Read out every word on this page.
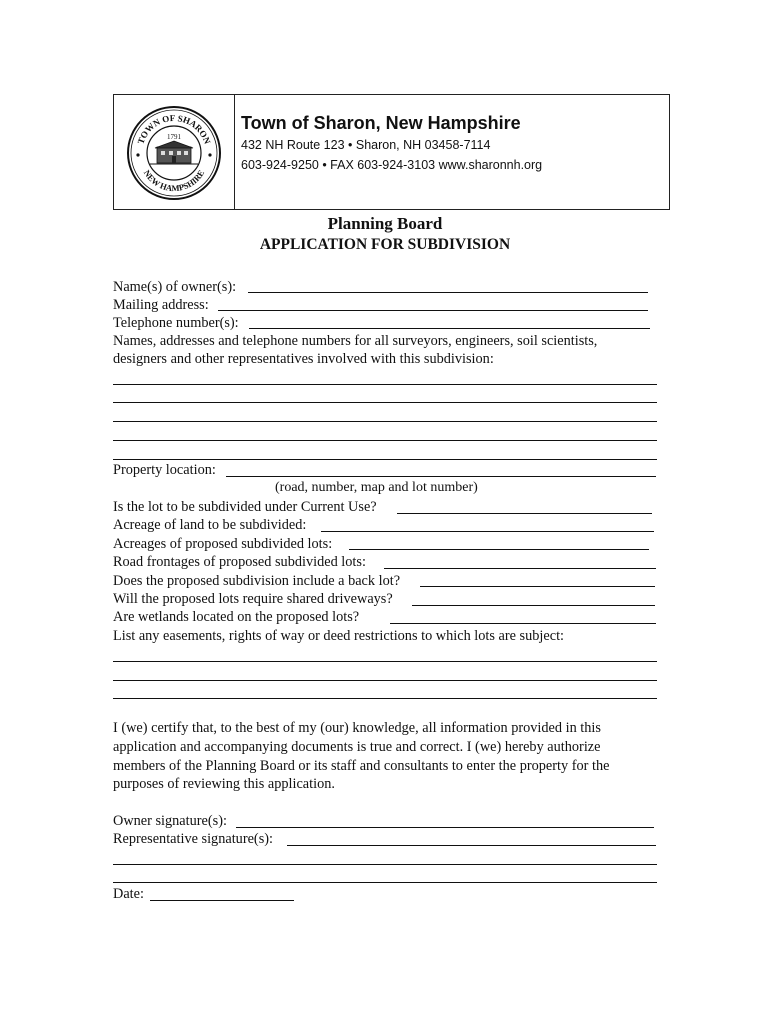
TOWN OF SHARON
NEW HAMPSHIRE
1791

Town of Sharon, New Hampshire

432 NH Route 123 • Sharon, NH 03458-7114

603-924-9250 • FAX 603-924-3103 www.sharonnh.org

Planning Board

APPLICATION FOR SUBDIVISION

Name(s) of owner(s):

Mailing address:

Telephone number(s):

Names, addresses and telephone numbers for all surveyors, engineers, soil scientists,

designers and other representatives involved with this subdivision:

Property location:

(road, number, map and lot number)

Is the lot to be subdivided under Current Use?

Acreage of land to be subdivided:

Acreages of proposed subdivided lots:

Road frontages of proposed subdivided lots:

Does the proposed subdivision include a back lot?

Will the proposed lots require shared driveways?

Are wetlands located on the proposed lots?

List any easements, rights of way or deed restrictions to which lots are subject:

I (we) certify that, to the best of my (our) knowledge, all information provided in this

application and accompanying documents is true and correct. I (we) hereby authorize

members of the Planning Board or its staff and consultants to enter the property for the

purposes of reviewing this application.

Owner signature(s):

Representative signature(s):

Date:
